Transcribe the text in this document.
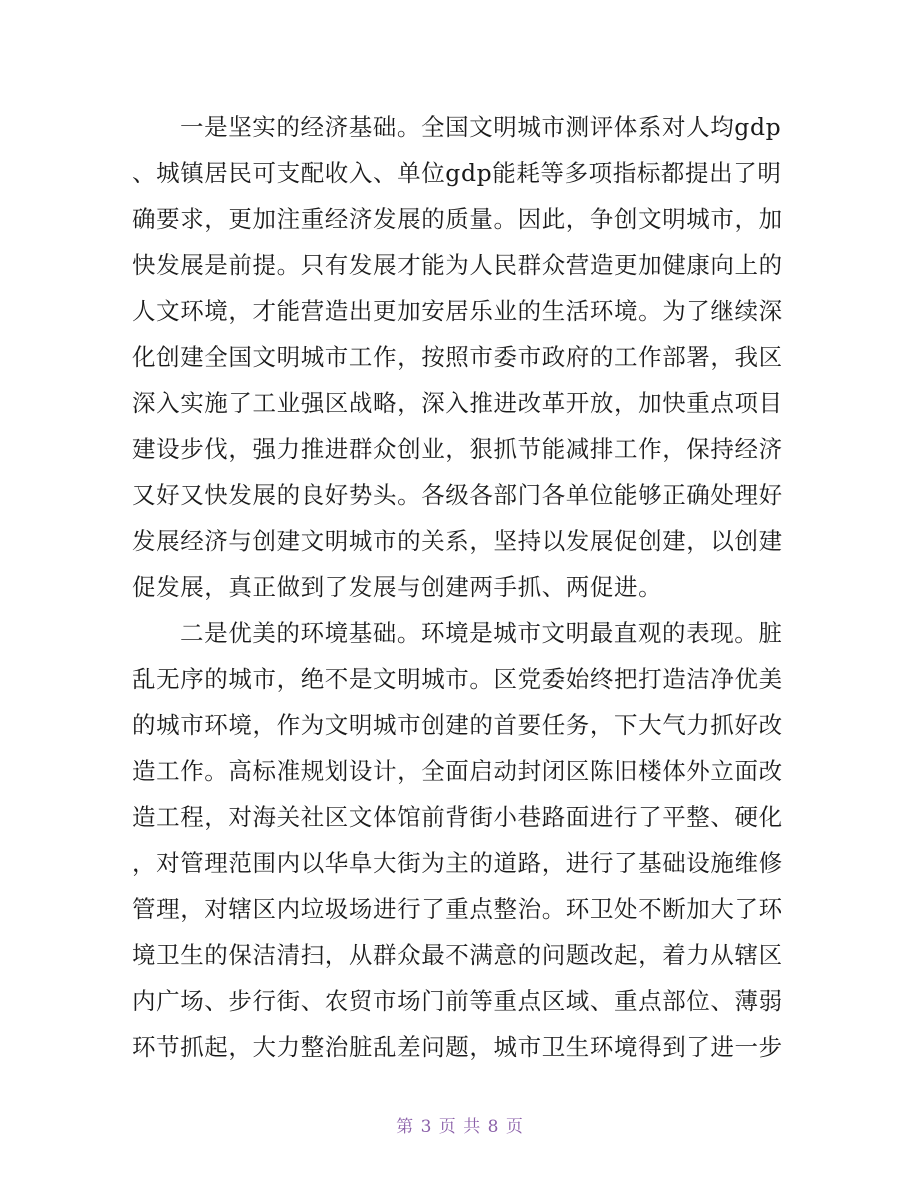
一是坚实的经济基础。全国文明城市测评体系对人均gdp
、城镇居民可支配收入、单位gdp能耗等多项指标都提出了明
确要求，更加注重经济发展的质量。因此，争创文明城市，加
快发展是前提。只有发展才能为人民群众营造更加健康向上的
人文环境，才能营造出更加安居乐业的生活环境。为了继续深
化创建全国文明城市工作，按照市委市政府的工作部署，我区
深入实施了工业强区战略，深入推进改革开放，加快重点项目
建设步伐，强力推进群众创业，狠抓节能减排工作，保持经济
又好又快发展的良好势头。各级各部门各单位能够正确处理好
发展经济与创建文明城市的关系，坚持以发展促创建，以创建
促发展，真正做到了发展与创建两手抓、两促进。
二是优美的环境基础。环境是城市文明最直观的表现。脏
乱无序的城市，绝不是文明城市。区党委始终把打造洁净优美
的城市环境，作为文明城市创建的首要任务，下大气力抓好改
造工作。高标准规划设计，全面启动封闭区陈旧楼体外立面改
造工程，对海关社区文体馆前背街小巷路面进行了平整、硬化
，对管理范围内以华阜大街为主的道路，进行了基础设施维修
管理，对辖区内垃圾场进行了重点整治。环卫处不断加大了环
境卫生的保洁清扫，从群众最不满意的问题改起，着力从辖区
内广场、步行街、农贸市场门前等重点区域、重点部位、薄弱
环节抓起，大力整治脏乱差问题，城市卫生环境得到了进一步
第 3 页 共 8 页
